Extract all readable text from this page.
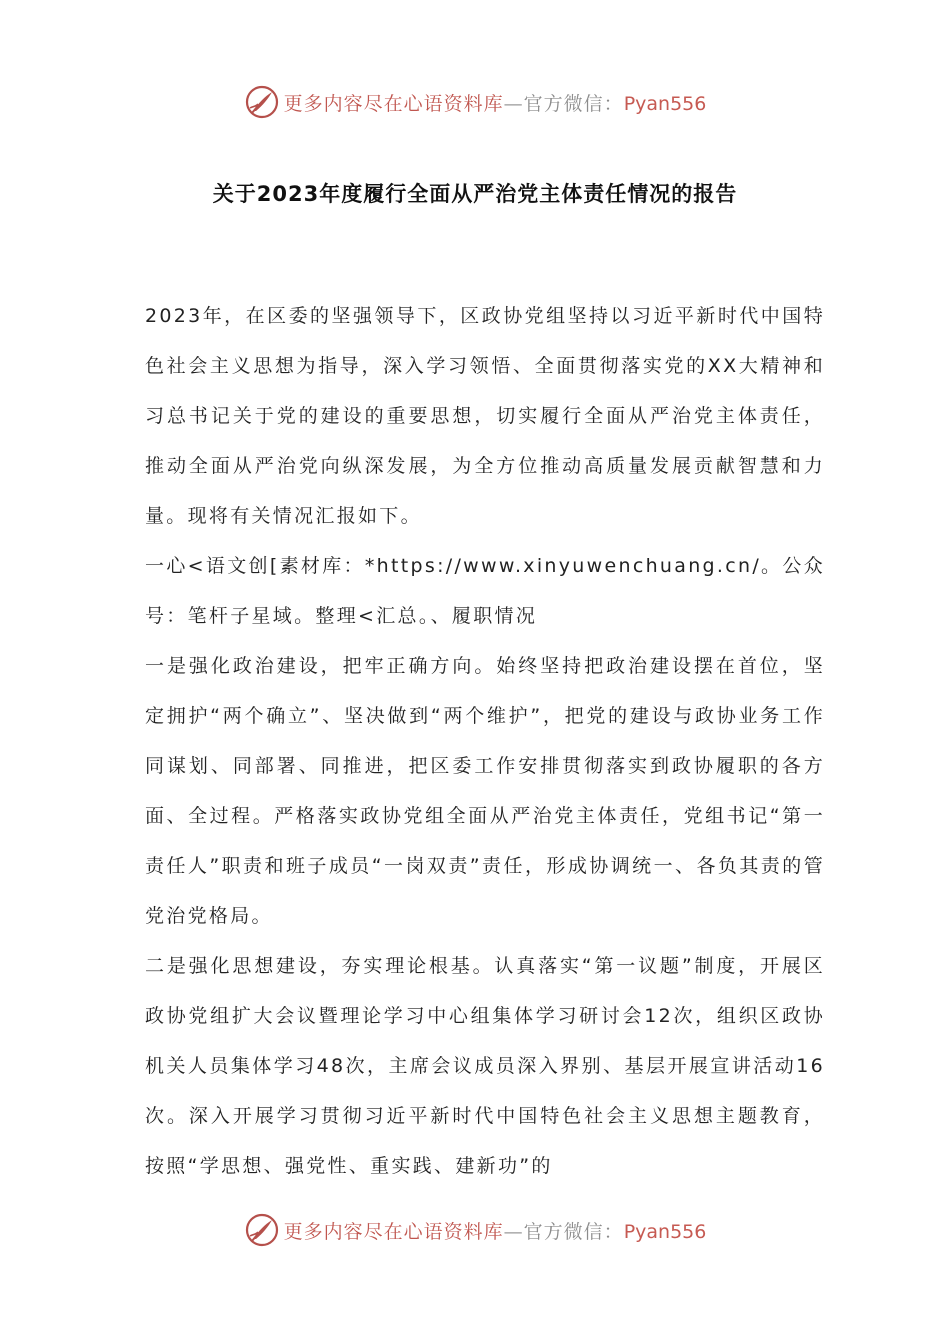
更多内容尽在心语资料库—官方微信：Pyan556
关于2023年度履行全面从严治党主体责任情况的报告

2023年，在区委的坚强领导下，区政协党组坚持以习近平新时代中国特色社会主义思想为指导，深入学习领悟、全面贯彻落实党的XX大精神和习总书记关于党的建设的重要思想，切实履行全面从严治党主体责任，推动全面从严治党向纵深发展，为全方位推动高质量发展贡献智慧和力量。现将有关情况汇报如下。

一心<语文创[素材库：*https://www.xinyuwenchuang.cn/。公众号：笔杆子星域。整理<汇总。、履职情况

一是强化政治建设，把牢正确方向。始终坚持把政治建设摆在首位，坚定拥护“两个确立”、坚决做到“两个维护”，把党的建设与政协业务工作同谋划、同部署、同推进，把区委工作安排贯彻落实到政协履职的各方面、全过程。严格落实政协党组全面从严治党主体责任，党组书记“第一责任人”职责和班子成员“一岗双责”责任，形成协调统一、各负其责的管党治党格局。

二是强化思想建设，夯实理论根基。认真落实“第一议题”制度，开展区政协党组扩大会议暨理论学习中心组集体学习研讨会12次，组织区政协机关人员集体学习48次，主席会议成员深入界别、基层开展宣讲活动16次。深入开展学习贯彻习近平新时代中国特色社会主义思想主题教育，按照“学思想、强党性、重实践、建新功”的

更多内容尽在心语资料库—官方微信：Pyan556
